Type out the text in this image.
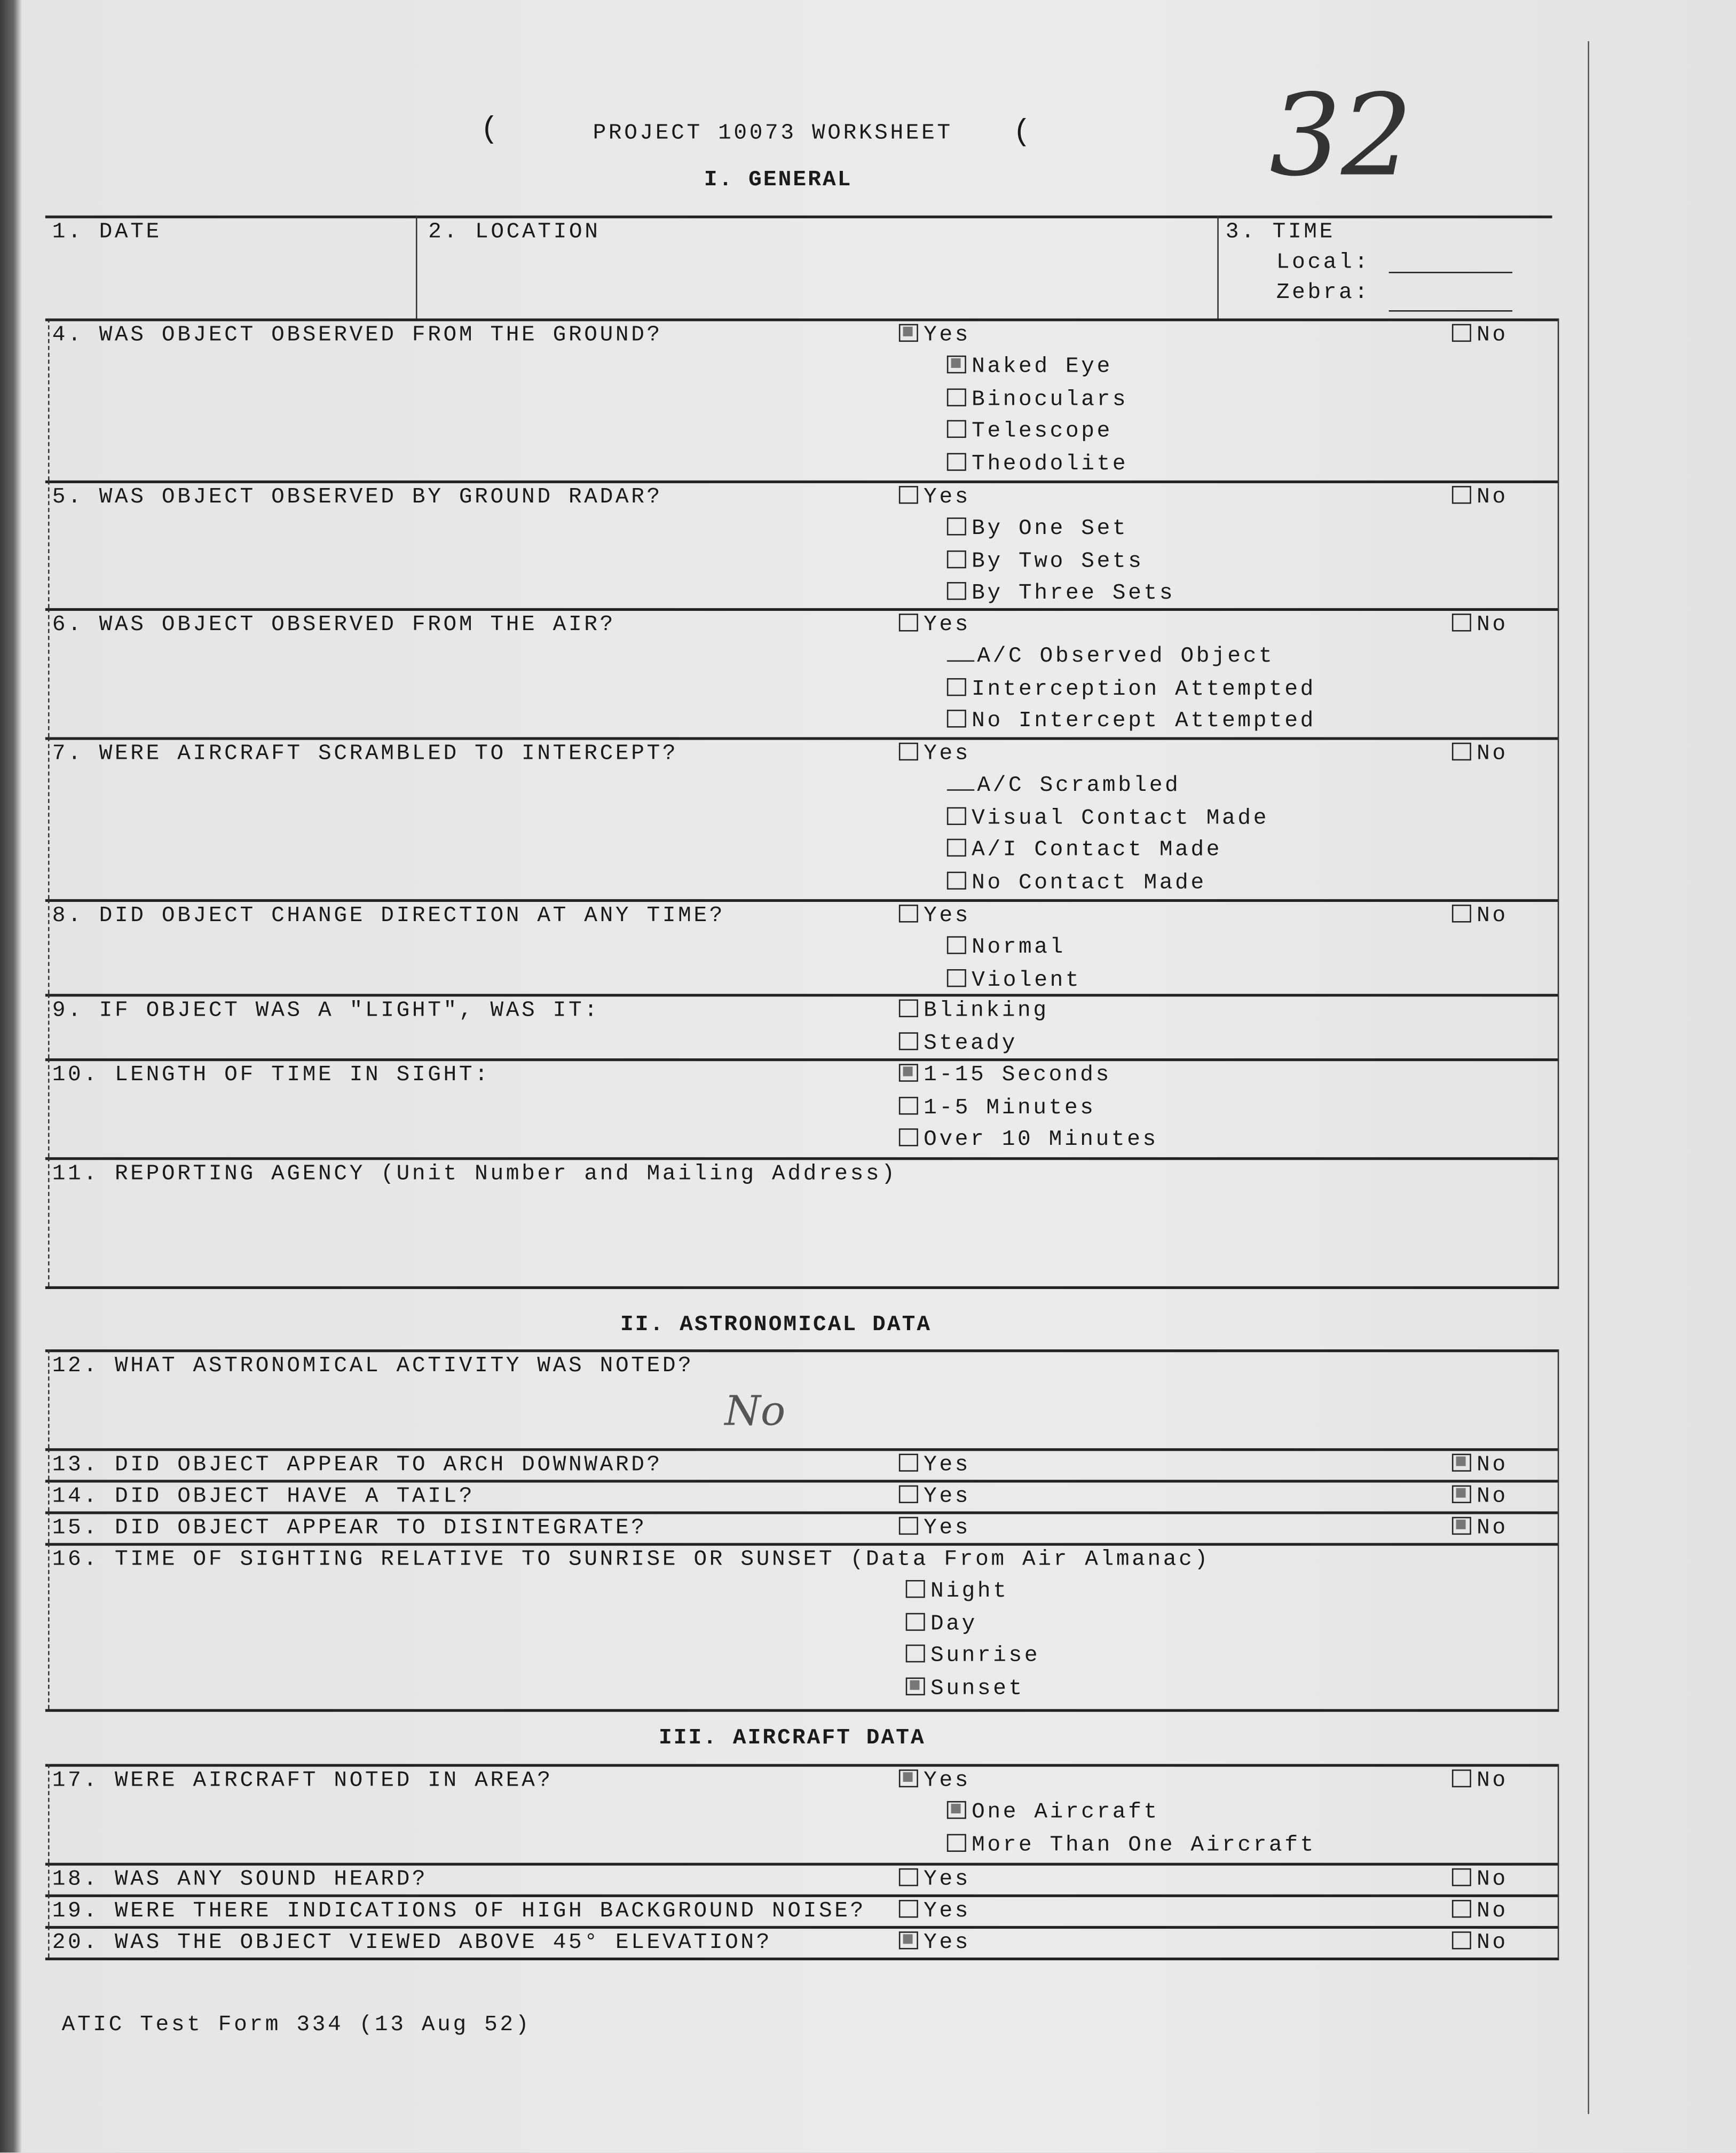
PROJECT 10073 WORKSHEET
(	(	32
I. GENERAL
1. DATE	2. LOCATION	3. TIME
Local:
Zebra:
4. WAS OBJECT OBSERVED FROM THE GROUND?	Yes	No
Naked Eye
Binoculars
Telescope
Theodolite
5. WAS OBJECT OBSERVED BY GROUND RADAR?	Yes	No
By One Set
By Two Sets
By Three Sets
6. WAS OBJECT OBSERVED FROM THE AIR?	Yes	No
A/C Observed Object
Interception Attempted
No Intercept Attempted
7. WERE AIRCRAFT SCRAMBLED TO INTERCEPT?	Yes	No
A/C Scrambled
Visual Contact Made
A/I Contact Made
No Contact Made
8. DID OBJECT CHANGE DIRECTION AT ANY TIME?	Yes	No
Normal
Violent
9. IF OBJECT WAS A "LIGHT", WAS IT:	Blinking
Steady
10. LENGTH OF TIME IN SIGHT:	1-15 Seconds
1-5 Minutes
Over 10 Minutes
11. REPORTING AGENCY (Unit Number and Mailing Address)
12. WHAT ASTRONOMICAL ACTIVITY WAS NOTED?
No
13. DID OBJECT APPEAR TO ARCH DOWNWARD?	Yes	No
14. DID OBJECT HAVE A TAIL?	Yes	No
15. DID OBJECT APPEAR TO DISINTEGRATE?	Yes	No
16. TIME OF SIGHTING RELATIVE TO SUNRISE OR SUNSET (Data From Air Almanac)
Night
Day
Sunrise
Sunset
17. WERE AIRCRAFT NOTED IN AREA?	Yes	No
One Aircraft
More Than One Aircraft
18. WAS ANY SOUND HEARD?	Yes	No
19. WERE THERE INDICATIONS OF HIGH BACKGROUND NOISE?	Yes	No
20. WAS THE OBJECT VIEWED ABOVE 45° ELEVATION?	Yes	No
II. ASTRONOMICAL DATA
III. AIRCRAFT DATA
ATIC Test Form 334 (13 Aug 52)
